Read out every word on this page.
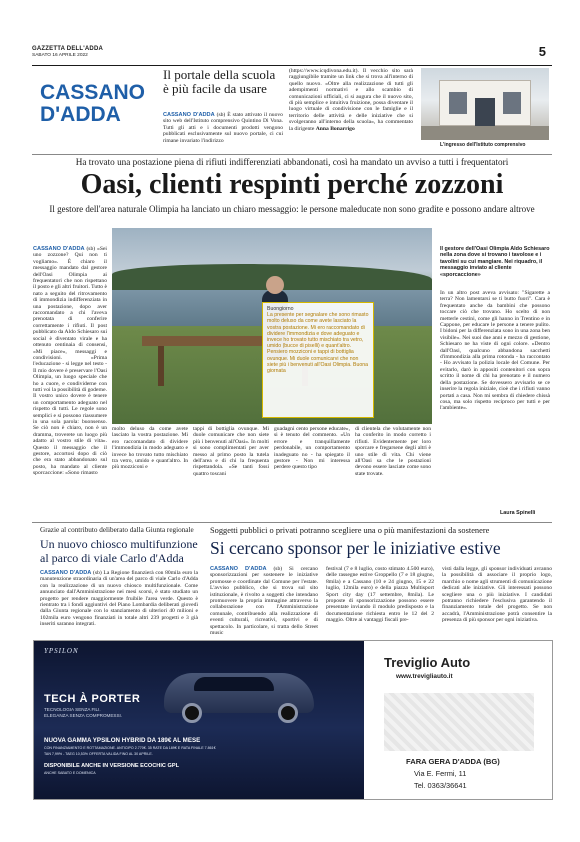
GAZZETTA DELL'ADDA
SABATO 16 APRILE 2022	5
CASSANO
D'ADDA
Il portale della scuola
è più facile da usare
CASSANO D'ADDA (sb) È stato attivato il nuovo sito web dell'Istituto comprensivo Quintino Di Vona. Tutti gli atti e i documenti prodotti vengono pubblicati esclusivamente sul nuovo portale, ci cui rimane invariato l'indirizzo
(https://www.icqdivona.edu.it). Il vecchio sito sarà raggiungibile tramite un link che si trova all'interno di quello nuovo. «Oltre alla realizzazione di tutti gli adempimenti normativi e allo scambio di comunicazioni ufficiali, ci si augura che il nuovo sito, di più semplice e intuitiva fruizione, possa diventare il luogo virtuale di condivisione con le famiglie e il territorio delle attività e delle iniziative che si svolgeranno all'interno della scuola», ha commentato la dirigente Anna Bonarrigo
L'ingresso dell'Istituto comprensivo
Ha trovato una postazione piena di rifiuti indifferenziati abbandonati, così ha mandato un avviso a tutti i frequentatori
Oasi, clienti respinti perché zozzoni
Il gestore dell'area naturale Olimpia ha lanciato un chiaro messaggio: le persone maleducate non sono gradite e possono andare altrove
CASSANO D'ADDA (sb) «Sei uno zozzone? Qui non ti vogliamo». È chiaro il messaggio mandato dal gestore dell'Oasi Olimpia ai frequentatori che non rispettano il posto e gli altri fruitori. Tutto è nato a seguito del ritrovamento di immondizia indifferenziata in una postazione, dopo aver raccomandato a chi l'aveva prenotata di conferire correttamente i rifiuti. Il post pubblicato da Aldo Schiesaro sui social è diventato virale e ha ottenuto centinaia di consensi, «Mi piace», messaggi e condivisioni. «Prima l'educazione - si legge nel testo - Il mio dovere è preservare l'Oasi Olimpia, un luogo speciale che ho a cuore, e condividerne con tutti voi la possibilità di goderne. Il vostro unico dovere è tenere un comportamento adeguato nel rispetto di tutti. Le regole sono semplici e si possono riassumere in una sola parola: buonsenso. Se ciò non è chiaro, non è un dramma, troverete un luogo più adatto al vostro stile di vita». Questo il messaggio che il gestore, accortosi dopo di ciò che era stato abbandonato sul posto, ha mandato al cliente sporcaccione: «Sono rimasto
Buongiorno
La presente per segnalare che sono rimasto molto deluso da come avete lasciato la vostra postazione. Mi ero raccomandato di dividere l'immondizia e dove adeguato e invece ho trovato tutto mischiato tra vetro, umido (bucce di piselli) e quant'altro. Pensiero mozziconi e tappi di bottiglia ovunque. Mi duole comunicarvi che non siete più i benvenuti all'Oasi Olimpia. Buona giornata
molto deluso da come avete lasciato la vostra postazione. Mi ero raccomandato di dividere l'immondizia in modo adeguato e invece ho trovato tutto mischiato tra vetro, umido e quant'altro. In più mozziconi e
tappi di bottiglia ovunque. Mi duole comunicare che non siete più i benvenuti all'Oasi». In molti si sono complimentati per aver messo al primo posto la tutela dell'area e di chi la frequenta rispettandola. «Se tanti fossi quattro toscani
guadagni cento persone educate», si è tenuto del commento. «Un errore e tranquillamente perdonabile, un comportamento inadeguato no - ha spiegato il gestore - Non mi interessa perdere questo tipo
di clientela che volutamente non ha conferito in modo corretto i rifiuti. Evidentemente per loro sporcare e fregarsene degli altri è uno stile di vita. Chi viene all'Oasi sa che le postazioni devono essere lasciate come sono state trovate.
Il gestore dell'Oasi Olimpia Aldo Schiesaro nella zona dove si trovano i tavolose e i tavolini su cui mangiare. Nei riquadro, il messaggio inviato al cliente «sporcaccione»
In un altro post aveva avvisato: "Sigarette a terra? Non lamentarsi se ti butto fuori". Cara è frequentato anche da bambini che possono toccare ciò che trovano. Ho scelto di non metterle cestini, come gli hanno in Trentino e in Cappone, per educare le persone a tenere pulito. I bidoni per la differenziata sono in una zona ben visibile». Nei suoi due anni e mezzo di gestione, Schiesaro ne ha viste di ogni colore. «Dentro dall'Oasi, qualcuno abbandona sacchetti d'immondizia alla prima rotonda - ha raccontato - Ho avvisato la polizia locale del Comune. Per evitarlo, darò in appositi contenitori con sopra scritto il nome di chi ha prenotato e il numero della postazione. Se dovessero avvisarlo se ce inserire la regola iniziale, cioè che i rifiuti vanno portati a casa. Non mi sembra di chiedere chissà cosa, ma solo rispetto reciproco per tutti e per l'ambiente».
Laura Spinelli
Grazie al contributo deliberato dalla Giunta regionale
Un nuovo chiosco multifunzione
al parco di viale Carlo d'Adda
CASSANO D'ADDA (sb) La Regione finanzierà con 80mila euro la manutenzione straordinaria di un'area del parco di viale Carlo d'Adda con la realizzazione di un nuovo chiosco multifunzionale. Come annunciato dall'Amministrazione nei mesi scorsi, è stato studiato un progetto per rendere maggiormente fruibile l'area verde. Questo è rientrato tra i fondi aggiuntivi del Piano Lombardia deliberati giovedì dalla Giunta regionale con lo stanziamento di ulteriori 40 milioni e 102mila euro vengono finanziati in totale altri 239 progetti e 3 già inseriti saranno integrati.
Soggetti pubblici o privati potranno scegliere una o più manifestazioni da sostenere
Si cercano sponsor per le iniziative estive
CASSANO D'ADDA (sb) Si cercano sponsorizzazioni per sostenere le iniziative promosse e coordinate dal Comune per l'estate. L'avviso pubblico, che si trova sul sito istituzionale, è rivolto a soggetti che intendano promuovere la propria immagine attraverso la collaborazione con l'Amministrazione comunale, contribuendo alla realizzazione di eventi culturali, ricreativi, sportivi e di spettacolo. In particolare, si tratta dello Street music
festival (7 e 8 luglio, costo stimato 4.500 euro), delle rassegne estive Groppello (7 e 18 giugno, 8mila) e a Cassano (10 e 24 giugno, 15 e 22 luglio, 12mila euro) e della piazza Multisport Sport city day (17 settembre, 8mila). Le proposte di sponsorizzazione possono essere presentate inviando il modulo predisposto e la documentazione richiesta entro le 12 del 2 maggio. Oltre ai vantaggi fiscali pre-
visti dalla legge, gli sponsor individuati avranno la possibilità di associare il proprio logo, marchio o nome agli strumenti di comunicazione dedicati alle iniziative. Gli interessati possono scegliere una o più iniziative. I candidati potranno richiedere l'esclusiva garantendo il finanziamento totale del progetto. Se non accadrà, l'Amministrazione potrà consentire la presenza di più sponsor per ogni iniziativa.
YPSILON
TECH À PORTER
TECNOLOGIA SENZA FILI.
ELEGANZA SENZA COMPROMESSI.
NUOVA GAMMA YPSILON HYBRID DA 189€ AL MESE
CON FINANZIAMENTO E ROTTAMAZIONE. ANTICIPO 2.770€. 35 RATE DA 189€ E RATA FINALE 7.861€
TAN 7,99% - TAEG 10,53% OFFERTA VALIDA FINO AL 30 APRILE.
DISPONIBILE ANCHE IN VERSIONE ECOCHIC GPL
ANCHE SABATO E DOMENICA
Treviglio Auto
www.trevigliauto.it
FARA GERA D'ADDA (BG)
Via E. Fermi, 11
Tel. 0363/36641
